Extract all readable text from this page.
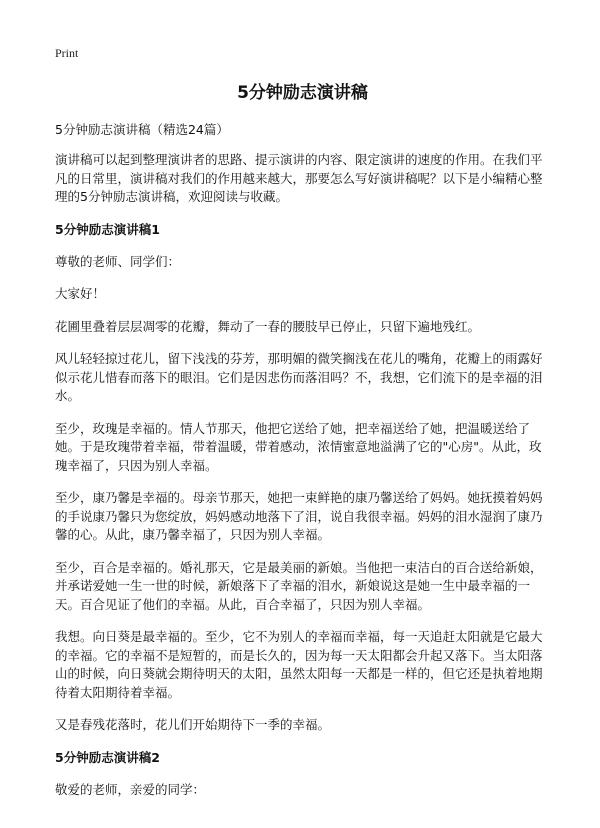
Print
5分钟励志演讲稿
5分钟励志演讲稿（精选24篇）

演讲稿可以起到整理演讲者的思路、提示演讲的内容、限定演讲的速度的作用。在我们平凡的日常里，演讲稿对我们的作用越来越大，那要怎么写好演讲稿呢？以下是小编精心整理的5分钟励志演讲稿，欢迎阅读与收藏。

5分钟励志演讲稿1

尊敬的老师、同学们：

大家好！

花圃里叠着层层凋零的花瓣，舞动了一春的腰肢早已停止，只留下遍地残红。

风儿轻轻掠过花儿，留下浅浅的芬芳，那明媚的微笑搁浅在花儿的嘴角，花瓣上的雨露好似示花儿惜春而落下的眼泪。它们是因悲伤而落泪吗？不，我想，它们流下的是幸福的泪水。

至少，玫瑰是幸福的。情人节那天，他把它送给了她，把幸福送给了她，把温暖送给了她。于是玫瑰带着幸福，带着温暖，带着感动，浓情蜜意地溢满了它的"心房"。从此，玫瑰幸福了，只因为别人幸福。

至少，康乃馨是幸福的。母亲节那天，她把一束鲜艳的康乃馨送给了妈妈。她抚摸着妈妈的手说康乃馨只为您绽放，妈妈感动地落下了泪，说自我很幸福。妈妈的泪水湿润了康乃馨的心。从此，康乃馨幸福了，只因为别人幸福。

至少，百合是幸福的。婚礼那天，它是最美丽的新娘。当他把一束洁白的百合送给新娘，并承诺爱她一生一世的时候，新娘落下了幸福的泪水，新娘说这是她一生中最幸福的一天。百合见证了他们的幸福。从此，百合幸福了，只因为别人幸福。

我想。向日葵是最幸福的。至少，它不为别人的幸福而幸福，每一天追赶太阳就是它最大的幸福。它的幸福不是短暂的，而是长久的，因为每一天太阳都会升起又落下。当太阳落山的时候，向日葵就会期待明天的太阳，虽然太阳每一天都是一样的，但它还是执着地期待着太阳期待着幸福。

又是春残花落时，花儿们开始期待下一季的幸福。

5分钟励志演讲稿2

敬爱的老师，亲爱的同学：
